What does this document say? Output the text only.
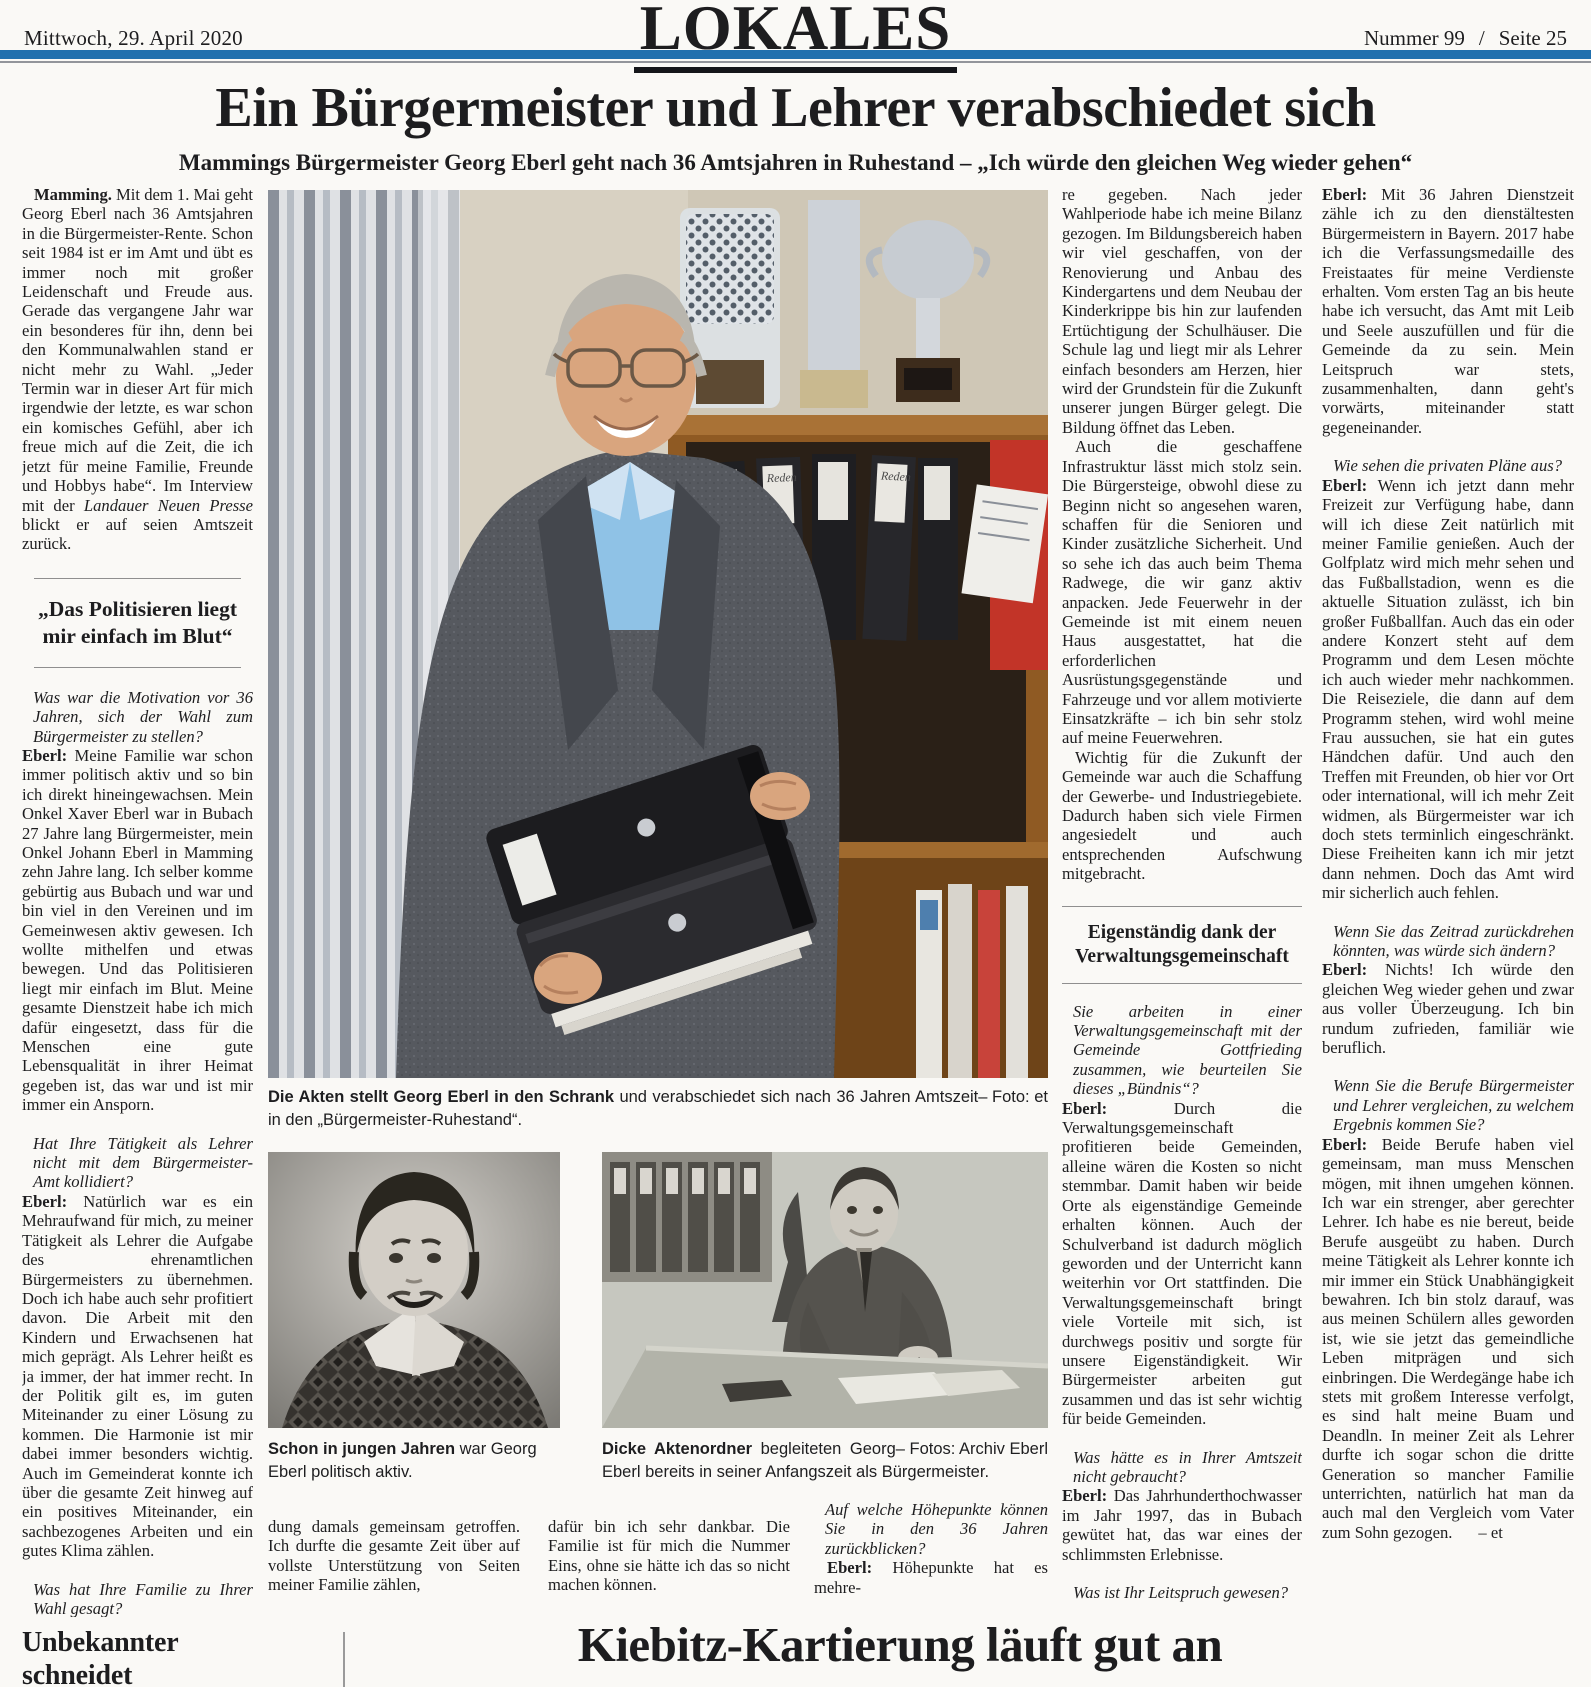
Mittwoch, 29. April 2020	Nummer 99 / Seite 25
LOKALES
Ein Bürgermeister und Lehrer verabschiedet sich
Mammings Bürgermeister Georg Eberl geht nach 36 Amtsjahren in Ruhestand – „Ich würde den gleichen Weg wieder gehen“

Mamming. Mit dem 1. Mai geht Georg Eberl nach 36 Amtsjahren in die Bürgermeister-Rente. Schon seit 1984 ist er im Amt und übt es immer noch mit großer Leidenschaft und Freude aus. Gerade das vergangene Jahr war ein besonderes für ihn, denn bei den Kommunalwahlen stand er nicht mehr zu Wahl. „Jeder Termin war in dieser Art für mich irgendwie der letzte, es war schon ein komisches Gefühl, aber ich freue mich auf die Zeit, die ich jetzt für meine Familie, Freunde und Hobbys habe“. Im Interview mit der Landauer Neuen Presse blickt er auf seien Amtszeit zurück.

„Das Politisieren liegt
mir einfach im Blut“

Was war die Motivation vor 36 Jahren, sich der Wahl zum Bürgermeister zu stellen?

Eberl: Meine Familie war schon immer politisch aktiv und so bin ich direkt hineingewachsen. Mein Onkel Xaver Eberl war in Bubach 27 Jahre lang Bürgermeister, mein Onkel Johann Eberl in Mamming zehn Jahre lang. Ich selber komme gebürtig aus Bubach und war und bin viel in den Vereinen und im Gemeinwesen aktiv gewesen. Ich wollte mithelfen und etwas bewegen. Und das Politisieren liegt mir einfach im Blut. Meine gesamte Dienstzeit habe ich mich dafür eingesetzt, dass für die Menschen eine gute Lebensqualität in ihrer Heimat gegeben ist, das war und ist mir immer ein Ansporn.

Hat Ihre Tätigkeit als Lehrer nicht mit dem Bürgermeister-Amt kollidiert?

Eberl: Natürlich war es ein Mehraufwand für mich, zu meiner Tätigkeit als Lehrer die Aufgabe des ehrenamtlichen Bürgermeisters zu übernehmen. Doch ich habe auch sehr profitiert davon. Die Arbeit mit den Kindern und Erwachsenen hat mich geprägt. Als Lehrer heißt es ja immer, der hat immer recht. In der Politik gilt es, im guten Miteinander zu einer Lösung zu kommen. Die Harmonie ist mir dabei immer besonders wichtig. Auch im Gemeinderat konnte ich über die gesamte Zeit hinweg auf ein positives Miteinander, ein sachbezogenes Arbeiten und ein gutes Klima zählen.

Was hat Ihre Familie zu Ihrer Wahl gesagt?

Reden	Reden
– Foto: et
Die Akten stellt Georg Eberl in den Schrank und verabschiedet sich nach 36 Jahren Amtszeit in den „Bürgermeister-Ruhestand“.
Schon in jungen Jahren war Georg Eberl politisch aktiv.
– Fotos: Archiv Eberl
Dicke Aktenordner begleiteten Georg Eberl bereits in seiner Anfangszeit als Bürgermeister.

dung damals gemeinsam getroffen. Ich durfte die gesamte Zeit über auf vollste Unterstützung von Seiten meiner Familie zählen,

dafür bin ich sehr dankbar. Die Familie ist für mich die Nummer Eins, ohne sie hätte ich das so nicht machen können.

Auf welche Höhepunkte können Sie in den 36 Jahren zurückblicken?

Eberl: Höhepunkte hat es mehre-

re gegeben. Nach jeder Wahlperiode habe ich meine Bilanz gezogen. Im Bildungsbereich haben wir viel geschaffen, von der Renovierung und Anbau des Kindergartens und dem Neubau der Kinderkrippe bis hin zur laufenden Ertüchtigung der Schulhäuser. Die Schule lag und liegt mir als Lehrer einfach besonders am Herzen, hier wird der Grundstein für die Zukunft unserer jungen Bürger gelegt. Die Bildung öffnet das Leben.

Auch die geschaffene Infrastruktur lässt mich stolz sein. Die Bürgersteige, obwohl diese zu Beginn nicht so angesehen waren, schaffen für die Senioren und Kinder zusätzliche Sicherheit. Und so sehe ich das auch beim Thema Radwege, die wir ganz aktiv anpacken. Jede Feuerwehr in der Gemeinde ist mit einem neuen Haus ausgestattet, hat die erforderlichen Ausrüstungsgegenstände und Fahrzeuge und vor allem motivierte Einsatzkräfte – ich bin sehr stolz auf meine Feuerwehren.

Wichtig für die Zukunft der Gemeinde war auch die Schaffung der Gewerbe- und Industriegebiete. Dadurch haben sich viele Firmen angesiedelt und auch entsprechenden Aufschwung mitgebracht.

Eigenständig dank der
Verwaltungsgemeinschaft

Sie arbeiten in einer Verwaltungsgemeinschaft mit der Gemeinde Gottfrieding zusammen, wie beurteilen Sie dieses „Bündnis“?

Eberl: Durch die Verwaltungsgemeinschaft profitieren beide Gemeinden, alleine wären die Kosten so nicht stemmbar. Damit haben wir beide Orte als eigenständige Gemeinde erhalten können. Auch der Schulverband ist dadurch möglich geworden und der Unterricht kann weiterhin vor Ort stattfinden. Die Verwaltungsgemeinschaft bringt viele Vorteile mit sich, ist durchwegs positiv und sorgte für unsere Eigenständigkeit. Wir Bürgermeister arbeiten gut zusammen und das ist sehr wichtig für beide Gemeinden.

Was hätte es in Ihrer Amtszeit nicht gebraucht?

Eberl: Das Jahrhunderthochwasser im Jahr 1997, das in Bubach gewütet hat, das war eines der schlimmsten Erlebnisse.

Was ist Ihr Leitspruch gewesen?

Eberl: Mit 36 Jahren Dienstzeit zähle ich zu den dienstältesten Bürgermeistern in Bayern. 2017 habe ich die Verfassungsmedaille des Freistaates für meine Verdienste erhalten. Vom ersten Tag an bis heute habe ich versucht, das Amt mit Leib und Seele auszufüllen und für die Gemeinde da zu sein. Mein Leitspruch war stets, zusammenhalten, dann geht's vorwärts, miteinander statt gegeneinander.

Wie sehen die privaten Pläne aus?

Eberl: Wenn ich jetzt dann mehr Freizeit zur Verfügung habe, dann will ich diese Zeit natürlich mit meiner Familie genießen. Auch der Golfplatz wird mich mehr sehen und das Fußballstadion, wenn es die aktuelle Situation zulässt, ich bin großer Fußballfan. Auch das ein oder andere Konzert steht auf dem Programm und dem Lesen möchte ich auch wieder mehr nachkommen. Die Reiseziele, die dann auf dem Programm stehen, wird wohl meine Frau aussuchen, sie hat ein gutes Händchen dafür. Und auch den Treffen mit Freunden, ob hier vor Ort oder international, will ich mehr Zeit widmen, als Bürgermeister war ich doch stets terminlich eingeschränkt. Diese Freiheiten kann ich mir jetzt dann nehmen. Doch das Amt wird mir sicherlich auch fehlen.

Wenn Sie das Zeitrad zurückdrehen könnten, was würde sich ändern?

Eberl: Nichts! Ich würde den gleichen Weg wieder gehen und zwar aus voller Überzeugung. Ich bin rundum zufrieden, familiär wie beruflich.

Wenn Sie die Berufe Bürgermeister und Lehrer vergleichen, zu welchem Ergebnis kommen Sie?

Eberl: Beide Berufe haben viel gemeinsam, man muss Menschen mögen, mit ihnen umgehen können. Ich war ein strenger, aber gerechter Lehrer. Ich habe es nie bereut, beide Berufe ausgeübt zu haben. Durch meine Tätigkeit als Lehrer konnte ich mir immer ein Stück Unabhängigkeit bewahren. Ich bin stolz darauf, was aus meinen Schülern alles geworden ist, wie sie jetzt das gemeindliche Leben mitprägen und sich einbringen. Die Werdegänge habe ich stets mit großem Interesse verfolgt, es sind halt meine Buam und Deandln. In meiner Zeit als Lehrer durfte ich sogar schon die dritte Generation so mancher Familie unterrichten, natürlich hat man da auch mal den Vergleich vom Vater zum Sohn gezogen. – et

Unbekannter schneidet
Kiebitz-Kartierung läuft gut an
